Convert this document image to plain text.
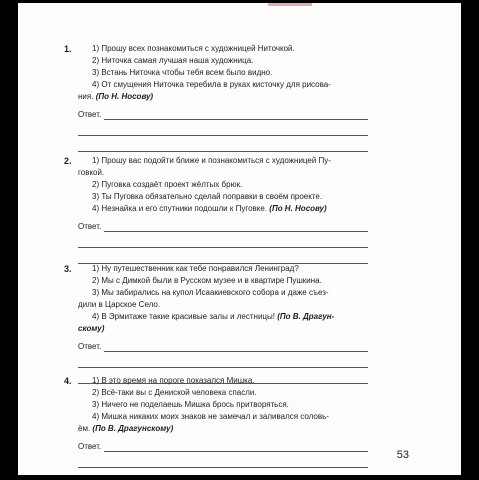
1.	1) Прошу всех познакомиться с художницей Ниточкой.
2) Ниточка самая лучшая наша художница.
3) Встань Ниточка чтобы тебя всем было видно.
4) От смущения Ниточка теребила в руках кисточку для рисова-
ния. (По Н. Носову)
Ответ.
2.	1) Прошу вас подойти ближе и познакомиться с художницей Пу-
говкой.
2) Пуговка создаёт проект жёлтых брюк.
3) Ты Пуговка обязательно сделай поправки в своём проекте.
4) Незнайка и его спутники подошли к Пуговке. (По Н. Носову)
Ответ.
3.	1) Ну путешественник как тебе понравился Ленинград?
2) Мы с Димкой были в Русском музее и в квартире Пушкина.
3) Мы забирались на купол Исаакиевского собора и даже съез-
дили в Царское Село.
4) В Эрмитаже такие красивые залы и лестницы! (По В. Драгун-
скому)
Ответ.
4.	1) В это время на пороге показался Мишка.
2) Всё-таки вы с Дениской человека спасли.
3) Ничего не поделаешь Мишка брось притворяться.
4) Мишка никаких моих знаков не замечал и заливался соловь-
ём. (По В. Драгунскому)
Ответ.
53
